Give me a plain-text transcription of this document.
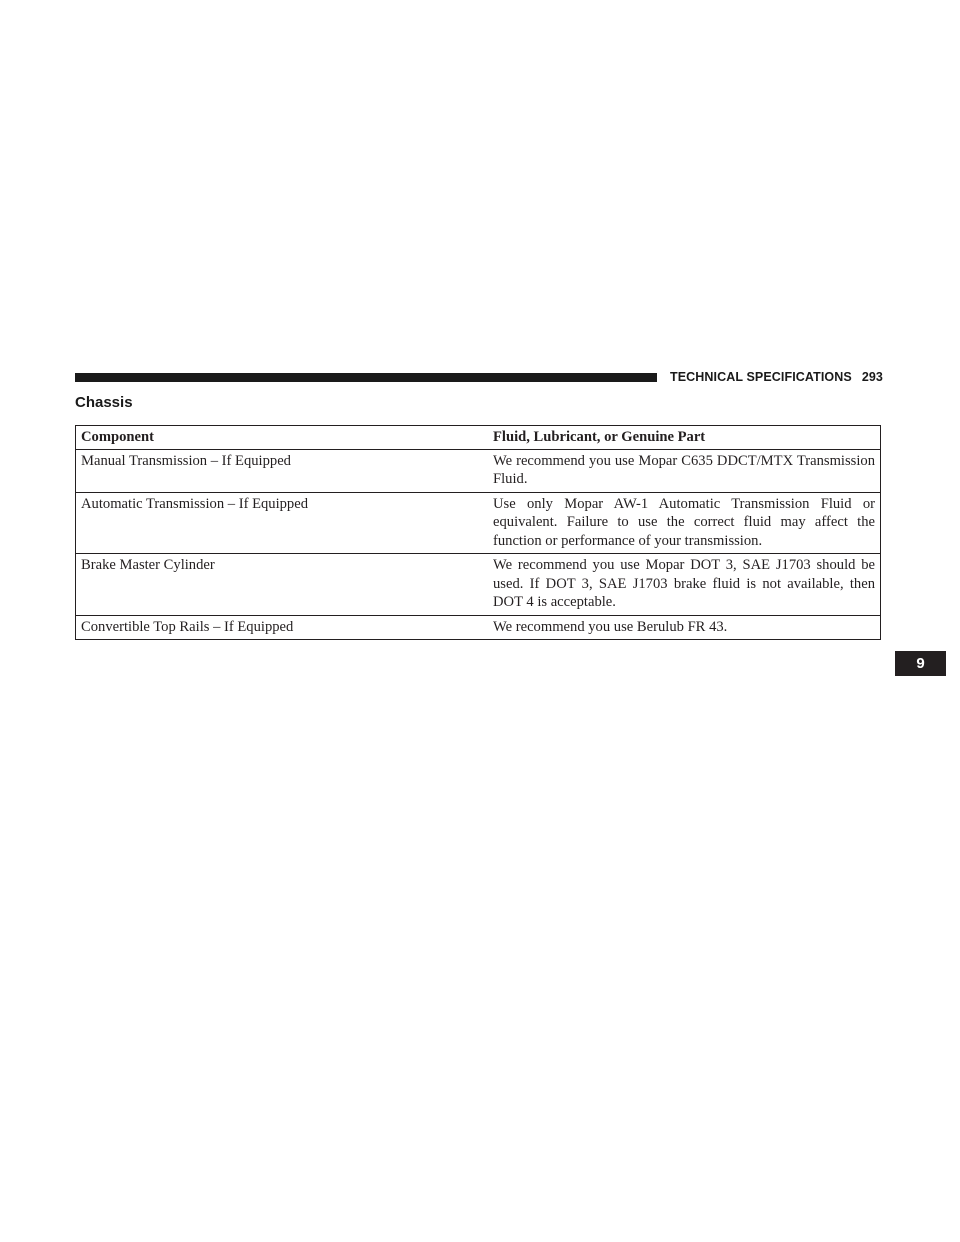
TECHNICAL SPECIFICATIONS 293
Chassis
Component	Fluid, Lubricant, or Genuine Part
Manual Transmission – If Equipped	We recommend you use Mopar C635 DDCT/MTX Transmission Fluid.
Automatic Transmission – If Equipped	Use only Mopar AW-1 Automatic Transmission Fluid or equivalent. Failure to use the correct fluid may affect the function or performance of your transmission.
Brake Master Cylinder	We recommend you use Mopar DOT 3, SAE J1703 should be used. If DOT 3, SAE J1703 brake fluid is not available, then DOT 4 is acceptable.
Convertible Top Rails – If Equipped	We recommend you use Berulub FR 43.
9
